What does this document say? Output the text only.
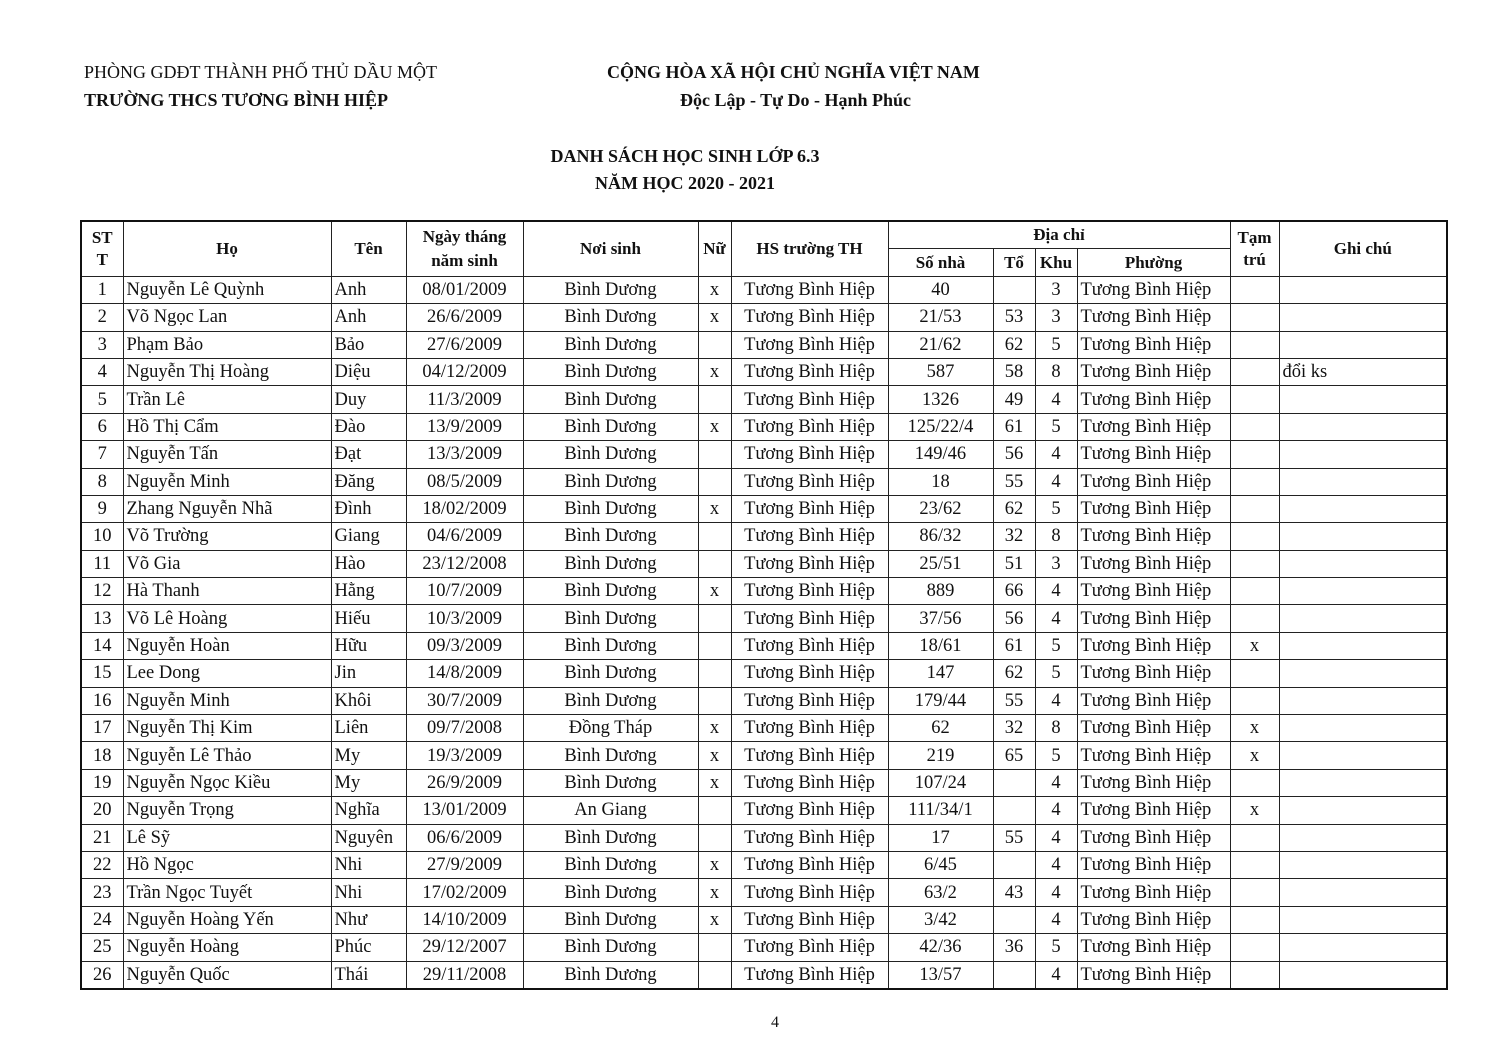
PHÒNG GDĐT THÀNH PHỐ THỦ DẦU MỘT
TRƯỜNG THCS TƯƠNG BÌNH HIỆP
CỘNG HÒA XÃ HỘI CHỦ NGHĨA VIỆT NAM
Độc Lập - Tự Do - Hạnh Phúc
DANH SÁCH HỌC SINH LỚP 6.3
NĂM HỌC 2020 - 2021
ST T	Họ	Tên	Ngày tháng năm sinh	Nơi sinh	Nữ	HS trường TH	Địa chỉ				Tạm trú	Ghi chú
							Số nhà	Tổ	Khu	Phường		
1	Nguyễn Lê Quỳnh	Anh	08/01/2009	Bình Dương	x	Tương Bình Hiệp	40		3	Tương Bình Hiệp		
2	Võ Ngọc Lan	Anh	26/6/2009	Bình Dương	x	Tương Bình Hiệp	21/53	53	3	Tương Bình Hiệp		
3	Phạm Bảo	Bảo	27/6/2009	Bình Dương		Tương Bình Hiệp	21/62	62	5	Tương Bình Hiệp		
4	Nguyễn Thị Hoàng	Diệu	04/12/2009	Bình Dương	x	Tương Bình Hiệp	587	58	8	Tương Bình Hiệp		đổi ks
5	Trần Lê	Duy	11/3/2009	Bình Dương		Tương Bình Hiệp	1326	49	4	Tương Bình Hiệp		
6	Hồ Thị Cẩm	Đào	13/9/2009	Bình Dương	x	Tương Bình Hiệp	125/22/4	61	5	Tương Bình Hiệp		
7	Nguyễn Tấn	Đạt	13/3/2009	Bình Dương		Tương Bình Hiệp	149/46	56	4	Tương Bình Hiệp		
8	Nguyễn Minh	Đăng	08/5/2009	Bình Dương		Tương Bình Hiệp	18	55	4	Tương Bình Hiệp		
9	Zhang Nguyễn Nhã	Đình	18/02/2009	Bình Dương	x	Tương Bình Hiệp	23/62	62	5	Tương Bình Hiệp		
10	Võ Trường	Giang	04/6/2009	Bình Dương		Tương Bình Hiệp	86/32	32	8	Tương Bình Hiệp		
11	Võ Gia	Hào	23/12/2008	Bình Dương		Tương Bình Hiệp	25/51	51	3	Tương Bình Hiệp		
12	Hà Thanh	Hằng	10/7/2009	Bình Dương	x	Tương Bình Hiệp	889	66	4	Tương Bình Hiệp		
13	Võ Lê Hoàng	Hiếu	10/3/2009	Bình Dương		Tương Bình Hiệp	37/56	56	4	Tương Bình Hiệp		
14	Nguyễn Hoàn	Hữu	09/3/2009	Bình Dương		Tương Bình Hiệp	18/61	61	5	Tương Bình Hiệp	x	
15	Lee Dong	Jin	14/8/2009	Bình Dương		Tương Bình Hiệp	147	62	5	Tương Bình Hiệp		
16	Nguyễn Minh	Khôi	30/7/2009	Bình Dương		Tương Bình Hiệp	179/44	55	4	Tương Bình Hiệp		
17	Nguyễn Thị Kim	Liên	09/7/2008	Đồng Tháp	x	Tương Bình Hiệp	62	32	8	Tương Bình Hiệp	x	
18	Nguyễn Lê Thảo	My	19/3/2009	Bình Dương	x	Tương Bình Hiệp	219	65	5	Tương Bình Hiệp	x	
19	Nguyễn Ngọc Kiều	My	26/9/2009	Bình Dương	x	Tương Bình Hiệp	107/24		4	Tương Bình Hiệp		
20	Nguyễn Trọng	Nghĩa	13/01/2009	An Giang		Tương Bình Hiệp	111/34/1		4	Tương Bình Hiệp	x	
21	Lê Sỹ	Nguyên	06/6/2009	Bình Dương		Tương Bình Hiệp	17	55	4	Tương Bình Hiệp		
22	Hồ Ngọc	Nhi	27/9/2009	Bình Dương	x	Tương Bình Hiệp	6/45		4	Tương Bình Hiệp		
23	Trần Ngọc Tuyết	Nhi	17/02/2009	Bình Dương	x	Tương Bình Hiệp	63/2	43	4	Tương Bình Hiệp		
24	Nguyễn Hoàng Yến	Như	14/10/2009	Bình Dương	x	Tương Bình Hiệp	3/42		4	Tương Bình Hiệp		
25	Nguyễn Hoàng	Phúc	29/12/2007	Bình Dương		Tương Bình Hiệp	42/36	36	5	Tương Bình Hiệp		
26	Nguyễn Quốc	Thái	29/11/2008	Bình Dương		Tương Bình Hiệp	13/57		4	Tương Bình Hiệp		
4
